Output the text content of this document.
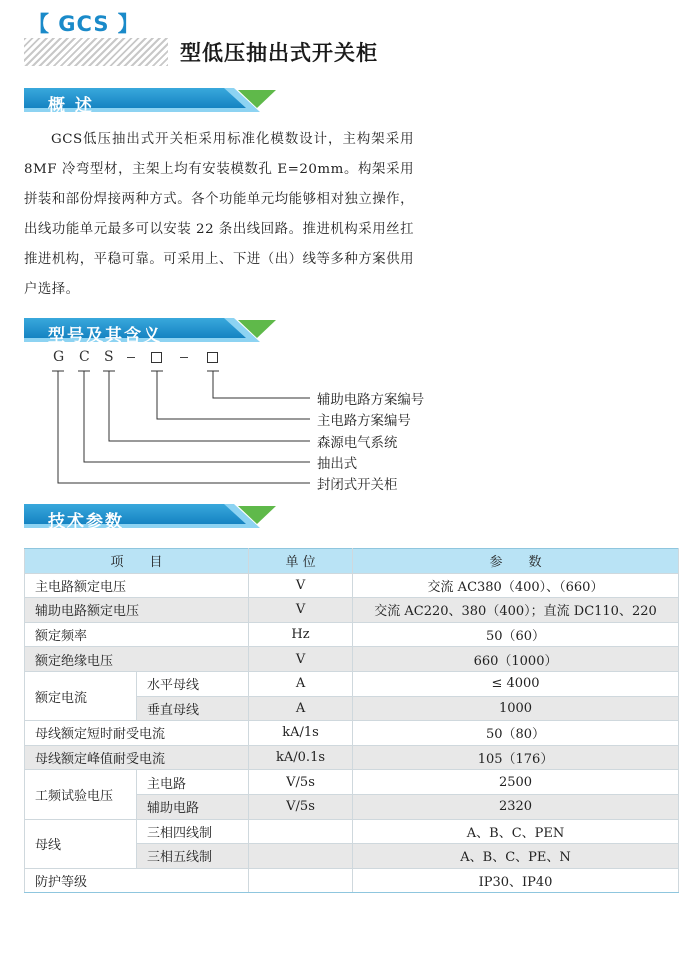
【 GCS 】
型低压抽出式开关柜
概 述

GCS低压抽出式开关柜采用标准化模数设计，主构架采用 8MF 冷弯型材，主架上均有安装模数孔 E=20mm。构架采用拼装和部份焊接两种方式。各个功能单元均能够相对独立操作，出线功能单元最多可以安装 22 条出线回路。推进机构采用丝扛推进机构，平稳可靠。可采用上、下进（出）线等多种方案供用户选择。

型号及其含义
G C S
辅助电路方案编号
主电路方案编号
森源电气系统
抽出式
封闭式开关柜
技术参数
项　　目		单 位	参　　数
主电路额定电压		V	交流 AC380（400）、（660）
辅助电路额定电压		V	交流 AC220、380（400）；直流 DC110、220
额定频率		Hz	50（60）
额定绝缘电压		V	660（1000）
额定电流	水平母线	A	≤ 4000
	垂直母线	A	1000
母线额定短时耐受电流		kA/1s	50（80）
母线额定峰值耐受电流		kA/0.1s	105（176）
工频试验电压	主电路	V/5s	2500
	辅助电路	V/5s	2320
母线	三相四线制		A、B、C、PEN
	三相五线制		A、B、C、PE、N
防护等级			IP30、IP40
